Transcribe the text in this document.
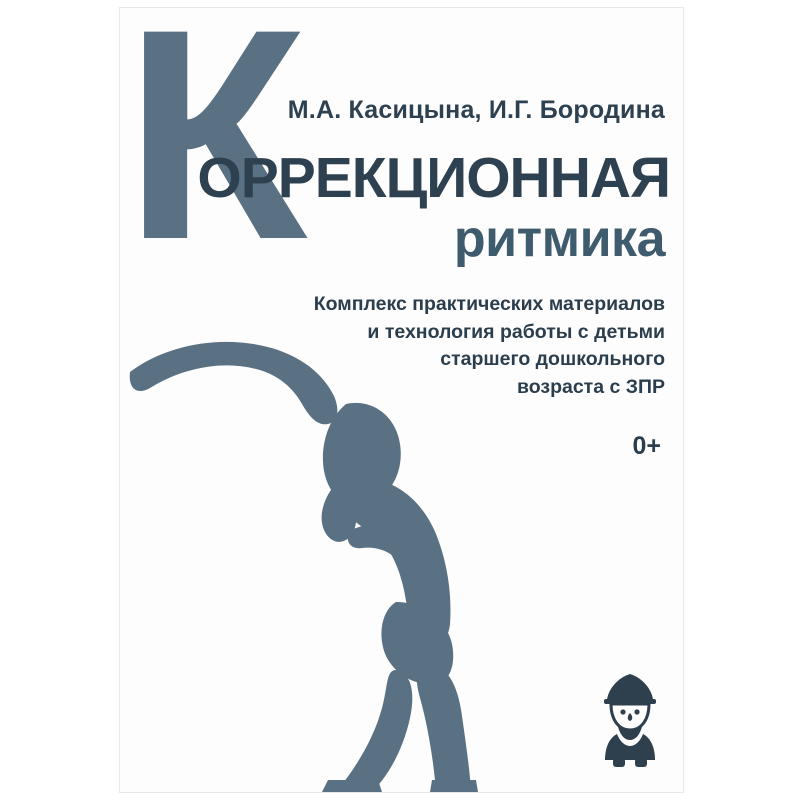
К
М.А. Касицына, И.Г. Бородина
ОРРЕКЦИОННАЯ
ритмика
Комплекс практических материалов
и технология работы с детьми
старшего дошкольного
возраста с ЗПР
0+
